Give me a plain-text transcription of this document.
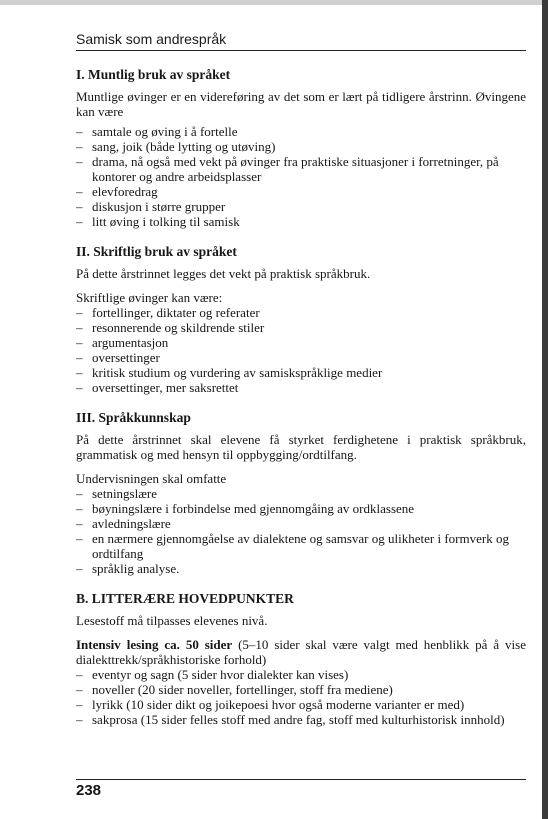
Samisk som andrespråk
I. Muntlig bruk av språket

Muntlige øvinger er en videreføring av det som er lært på tidligere årstrinn. Øvingene kan være

– samtale og øving i å fortelle
– sang, joik (både lytting og utøving)
– drama, nå også med vekt på øvinger fra praktiske situasjoner i forretninger, på kontorer og andre arbeidsplasser
– elevforedrag
– diskusjon i større grupper
– litt øving i tolking til samisk
II. Skriftlig bruk av språket

På dette årstrinnet legges det vekt på praktisk språkbruk.

Skriftlige øvinger kan være:

– fortellinger, diktater og referater
– resonnerende og skildrende stiler
– argumentasjon
– oversettinger
– kritisk studium og vurdering av samiskspråklige medier
– oversettinger, mer saksrettet
III. Språkkunnskap

På dette årstrinnet skal elevene få styrket ferdighetene i praktisk språkbruk, grammatisk og med hensyn til oppbygging/ordtilfang.

Undervisningen skal omfatte

– setningslære
– bøyningslære i forbindelse med gjennomgåing av ordklassene
– avledningslære
– en nærmere gjennomgåelse av dialektene og samsvar og ulikheter i formverk og ordtilfang
– språklig analyse.
B. LITTERÆRE HOVEDPUNKTER

Lesestoff må tilpasses elevenes nivå.

Intensiv lesing ca. 50 sider (5–10 sider skal være valgt med henblikk på å vise dialekttrekk/språkhistoriske forhold)

– eventyr og sagn (5 sider hvor dialekter kan vises)
– noveller (20 sider noveller, fortellinger, stoff fra mediene)
– lyrikk (10 sider dikt og joikepoesi hvor også moderne varianter er med)
– sakprosa (15 sider felles stoff med andre fag, stoff med kulturhistorisk innhold)
238
